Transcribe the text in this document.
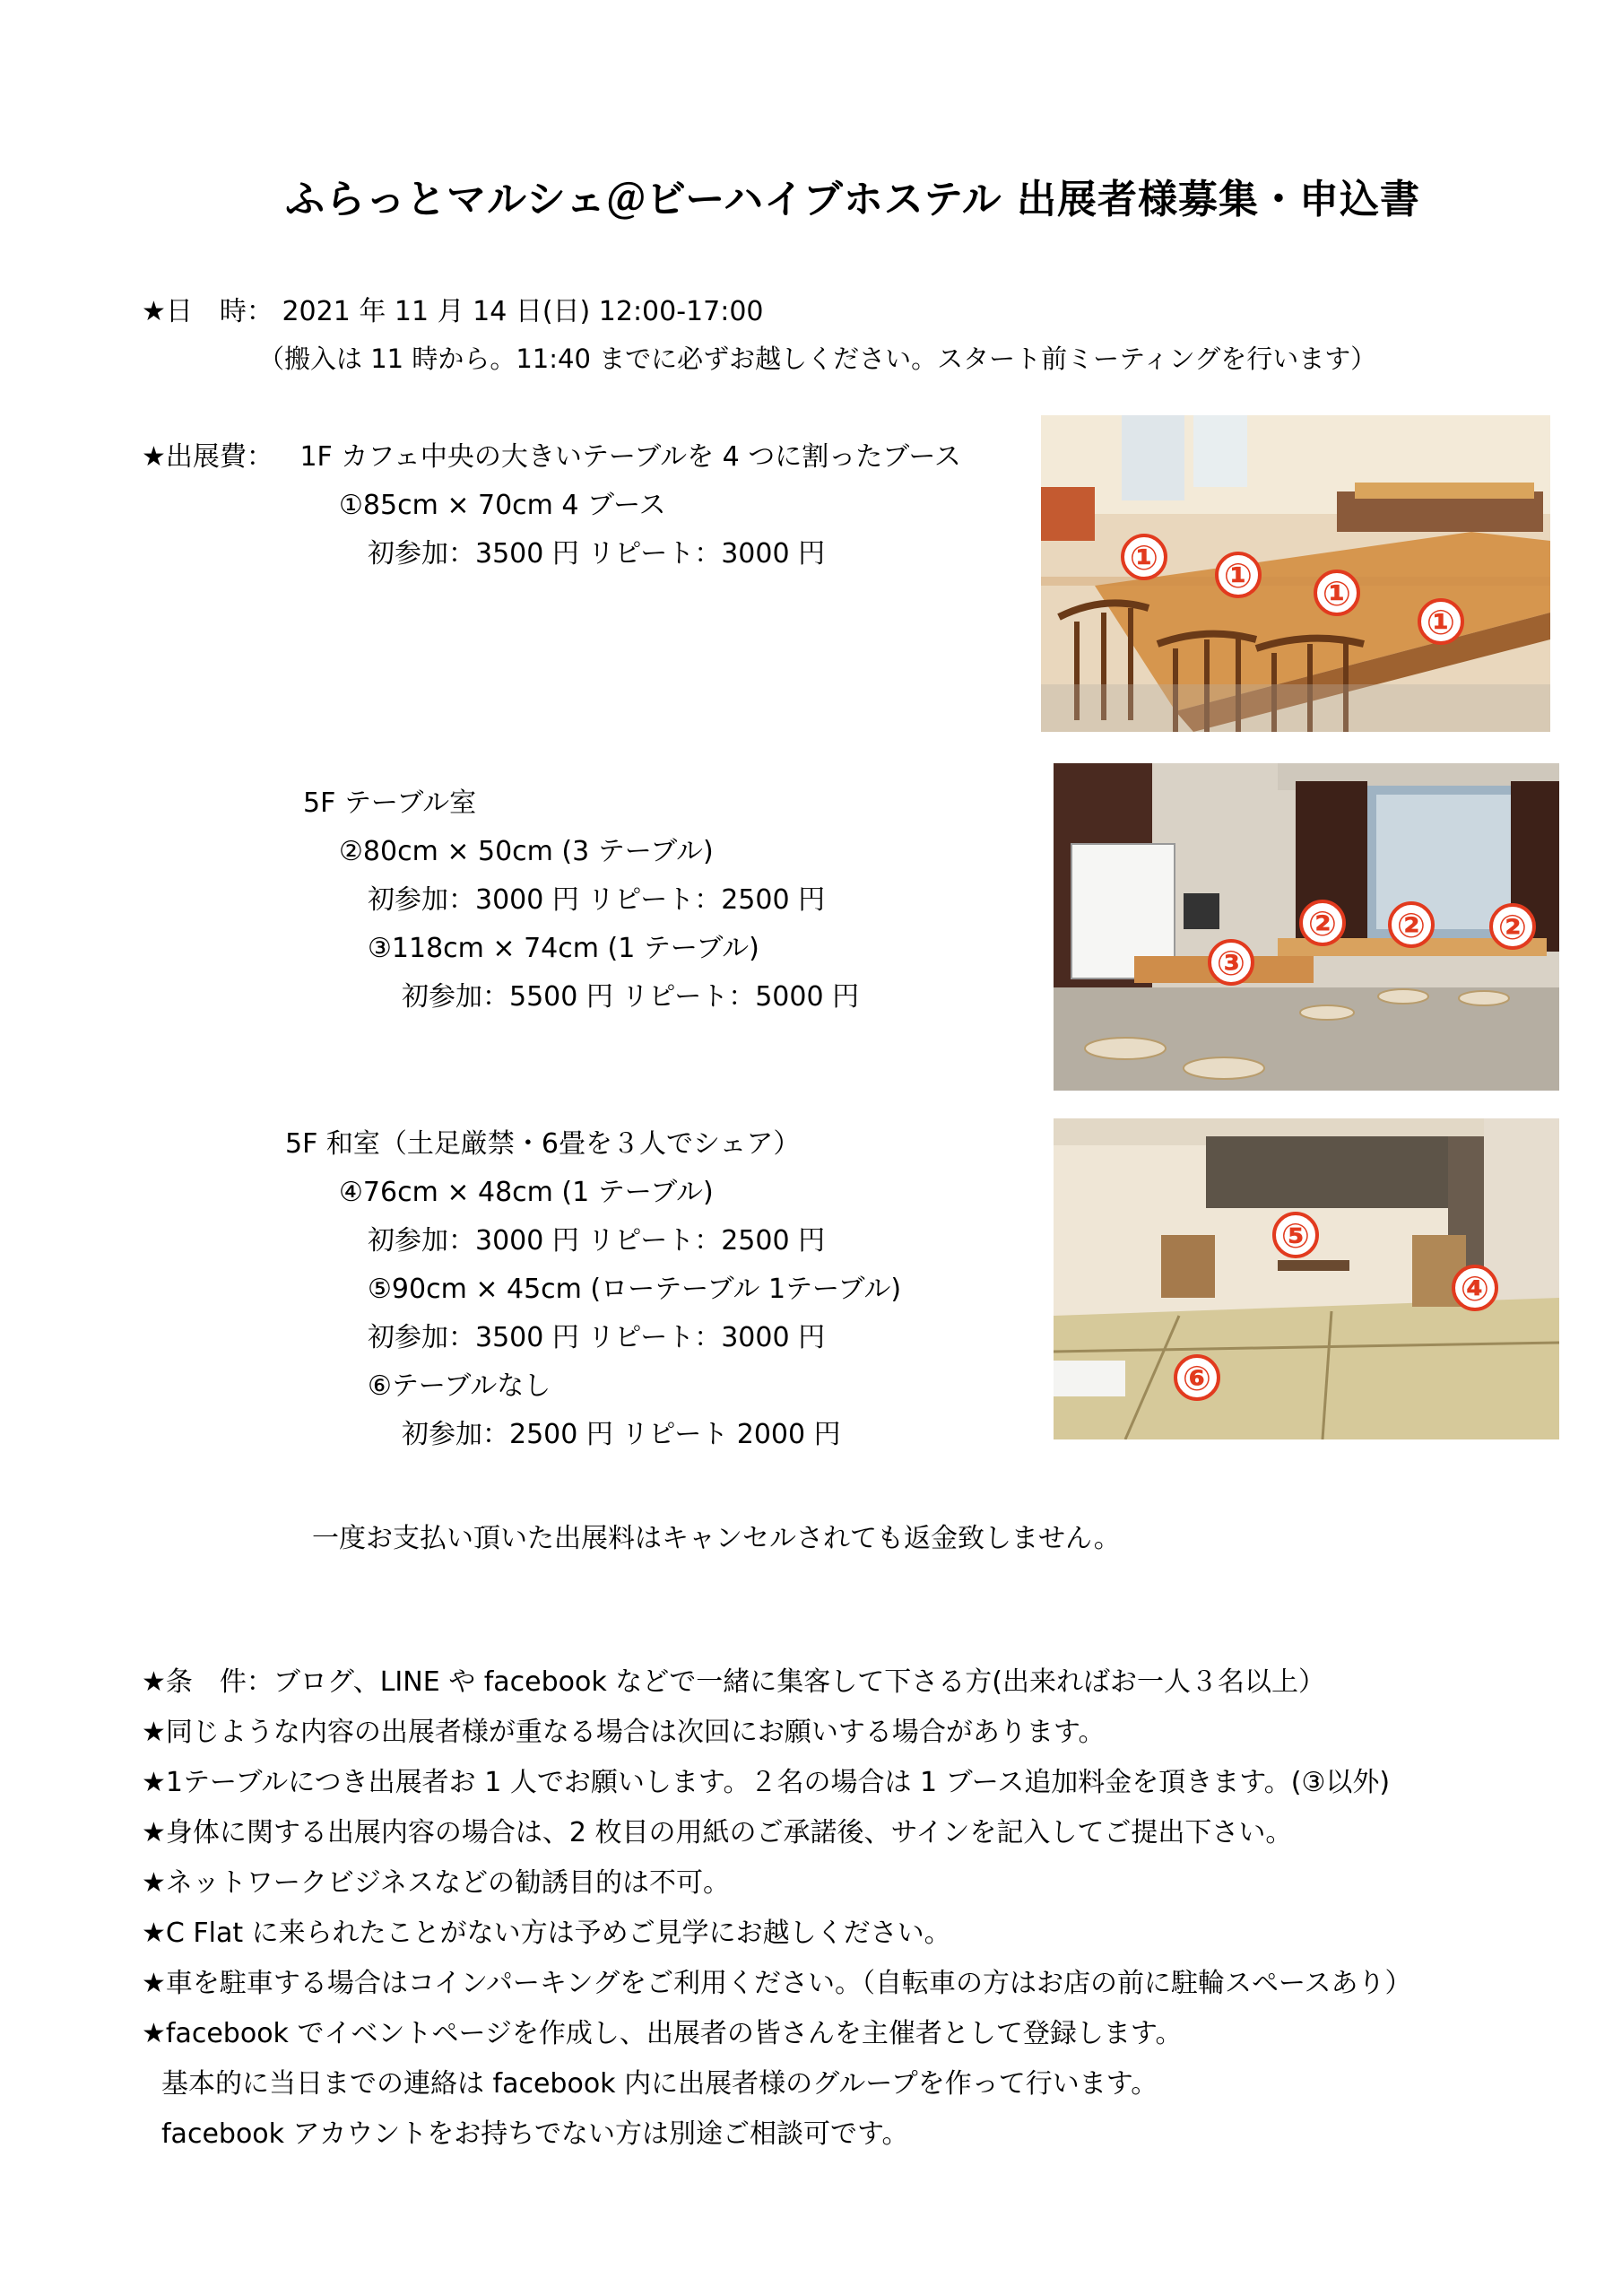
ふらっとマルシェ＠ビーハイブホステル 出展者様募集・申込書
★日　時： 2021 年 11 月 14 日(日) 12:00-17:00
（搬入は 11 時から。11:40 までに必ずお越しください。スタート前ミーティングを行います）
★出展費： 1F カフェ中央の大きいテーブルを 4 つに割ったブース
①85cm × 70cm 4 ブース
初参加：3500 円 リピート：3000 円
5F テーブル室
②80cm × 50cm (3 テーブル)
初参加：3000 円 リピート：2500 円
③118cm × 74cm (1 テーブル)
初参加：5500 円 リピート：5000 円
5F 和室（土足厳禁・6畳を３人でシェア）
④76cm × 48cm (1 テーブル)
初参加：3000 円 リピート：2500 円
⑤90cm × 45cm (ローテーブル 1テーブル)
初参加：3500 円 リピート：3000 円
⑥テーブルなし
初参加：2500 円 リピート 2000 円
一度お支払い頂いた出展料はキャンセルされても返金致しません。
★条　件：ブログ、LINE や facebook などで一緒に集客して下さる方(出来ればお一人３名以上）
★同じような内容の出展者様が重なる場合は次回にお願いする場合があります。
★1テーブルにつき出展者お 1 人でお願いします。２名の場合は 1 ブース追加料金を頂きます。(③以外)
★身体に関する出展内容の場合は、2 枚目の用紙のご承諾後、サインを記入してご提出下さい。
★ネットワークビジネスなどの勧誘目的は不可。
★C Flat に来られたことがない方は予めご見学にお越しください。
★車を駐車する場合はコインパーキングをご利用ください。（自転車の方はお店の前に駐輪スペースあり）
★facebook でイベントページを作成し、出展者の皆さんを主催者として登録します。
基本的に当日までの連絡は facebook 内に出展者様のグループを作って行います。
facebook アカウントをお持ちでない方は別途ご相談可です。
① ① ①
①
② ② ②
③
⑤
④
⑥
